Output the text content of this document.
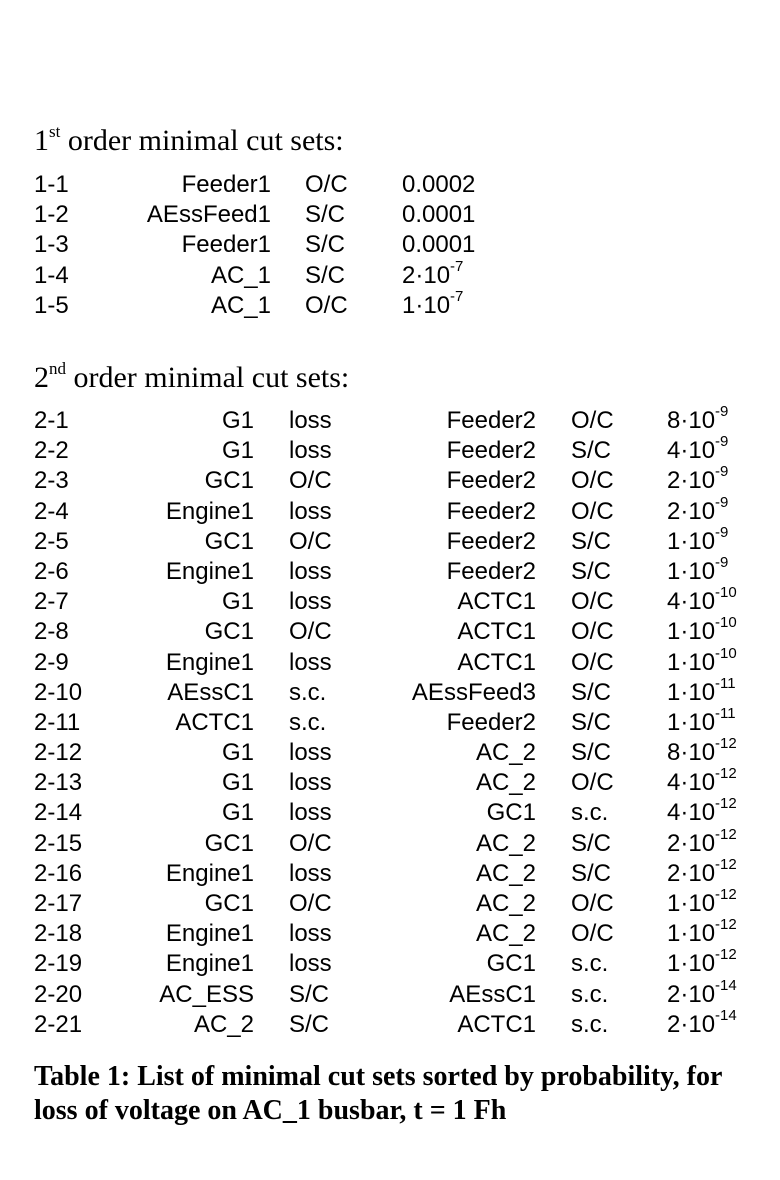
1st order minimal cut sets:
1-1	Feeder1 O/C 0.0002
1-2	AEssFeed1 S/C 0.0001
1-3	Feeder1 S/C 0.0001
1-4	AC_1 S/C $2\cdot 10^{-7}$
1-5	AC_1 O/C $1\cdot 10^{-7}$
2nd order minimal cut sets:
2-1	G1 loss	Feeder2 O/C $8\cdot 10^{-9}$
2-2	G1 loss	Feeder2 S/C $4\cdot 10^{-9}$
2-3	GC1 O/C	Feeder2 O/C $2\cdot 10^{-9}$
2-4	Engine1 loss	Feeder2 O/C $2\cdot 10^{-9}$
2-5	GC1 O/C	Feeder2 S/C $1\cdot 10^{-9}$
2-6	Engine1 loss	Feeder2 S/C $1\cdot 10^{-9}$
2-7	G1 loss	ACTC1 O/C $4\cdot 10^{-10}$
2-8	GC1 O/C	ACTC1 O/C $1\cdot 10^{-10}$
2-9	Engine1 loss	ACTC1 O/C $1\cdot 10^{-10}$
2-10	AEssC1 s.c.	AEssFeed3 S/C $1\cdot 10^{-11}$
2-11	ACTC1 s.c.	Feeder2 S/C $1\cdot 10^{-11}$
2-12	G1 loss	AC_2 S/C $8\cdot 10^{-12}$
2-13	G1 loss	AC_2 O/C $4\cdot 10^{-12}$
2-14	G1 loss	GC1 s.c. $4\cdot 10^{-12}$
2-15	GC1 O/C	AC_2 S/C $2\cdot 10^{-12}$
2-16	Engine1 loss	AC_2 S/C $2\cdot 10^{-12}$
2-17	GC1 O/C	AC_2 O/C $1\cdot 10^{-12}$
2-18	Engine1 loss	AC_2 O/C $1\cdot 10^{-12}$
2-19	Engine1 loss	GC1 s.c. $1\cdot 10^{-12}$
2-20	AC_ESS S/C	AEssC1 s.c. $2\cdot 10^{-14}$
2-21	AC_2 S/C	ACTC1 s.c. $2\cdot 10^{-14}$
Table 1: List of minimal cut sets sorted by probability, for loss of voltage on AC_1 busbar, t = 1 Fh
